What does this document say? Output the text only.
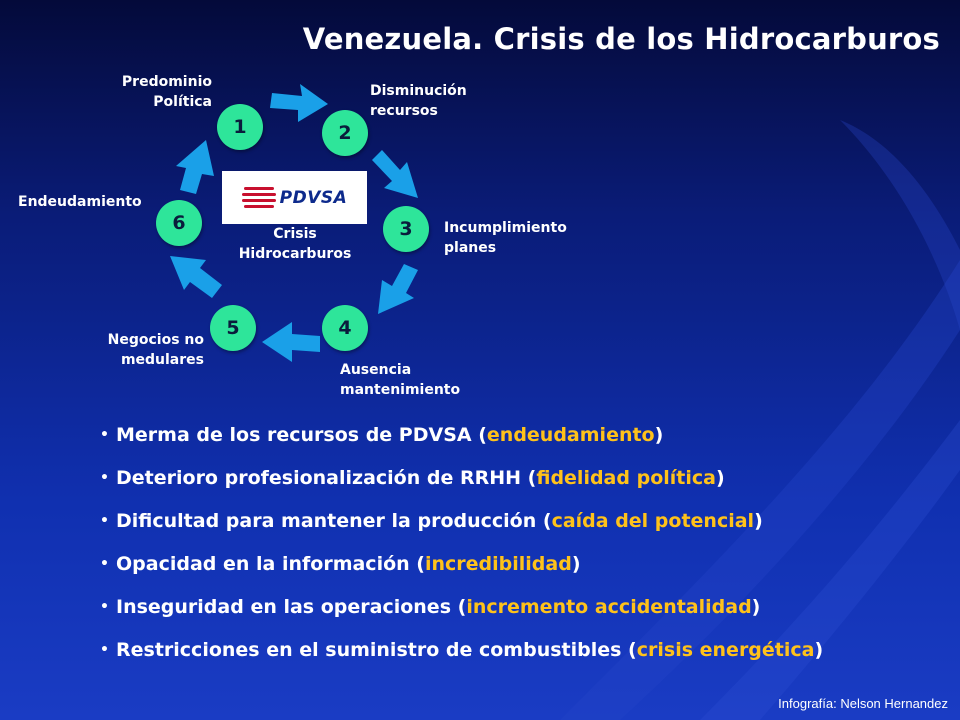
Venezuela. Crisis de los Hidrocarburos
1	2
3
4
5
6
Predominio
Política
Disminución
recursos
Incumplimiento
planes
Ausencia
mantenimiento
Negocios no
medulares
Endeudamiento	PDVSA
Crisis
Hidrocarburos
• Merma de los recursos de PDVSA (endeudamiento)
• Deterioro profesionalización de RRHH (fidelidad política)
• Dificultad para mantener la producción (caída del potencial)
• Opacidad en la información (incredibilidad)
• Inseguridad en las operaciones (incremento accidentalidad)
• Restricciones en el suministro de combustibles (crisis energética)
Infografía: Nelson Hernandez
